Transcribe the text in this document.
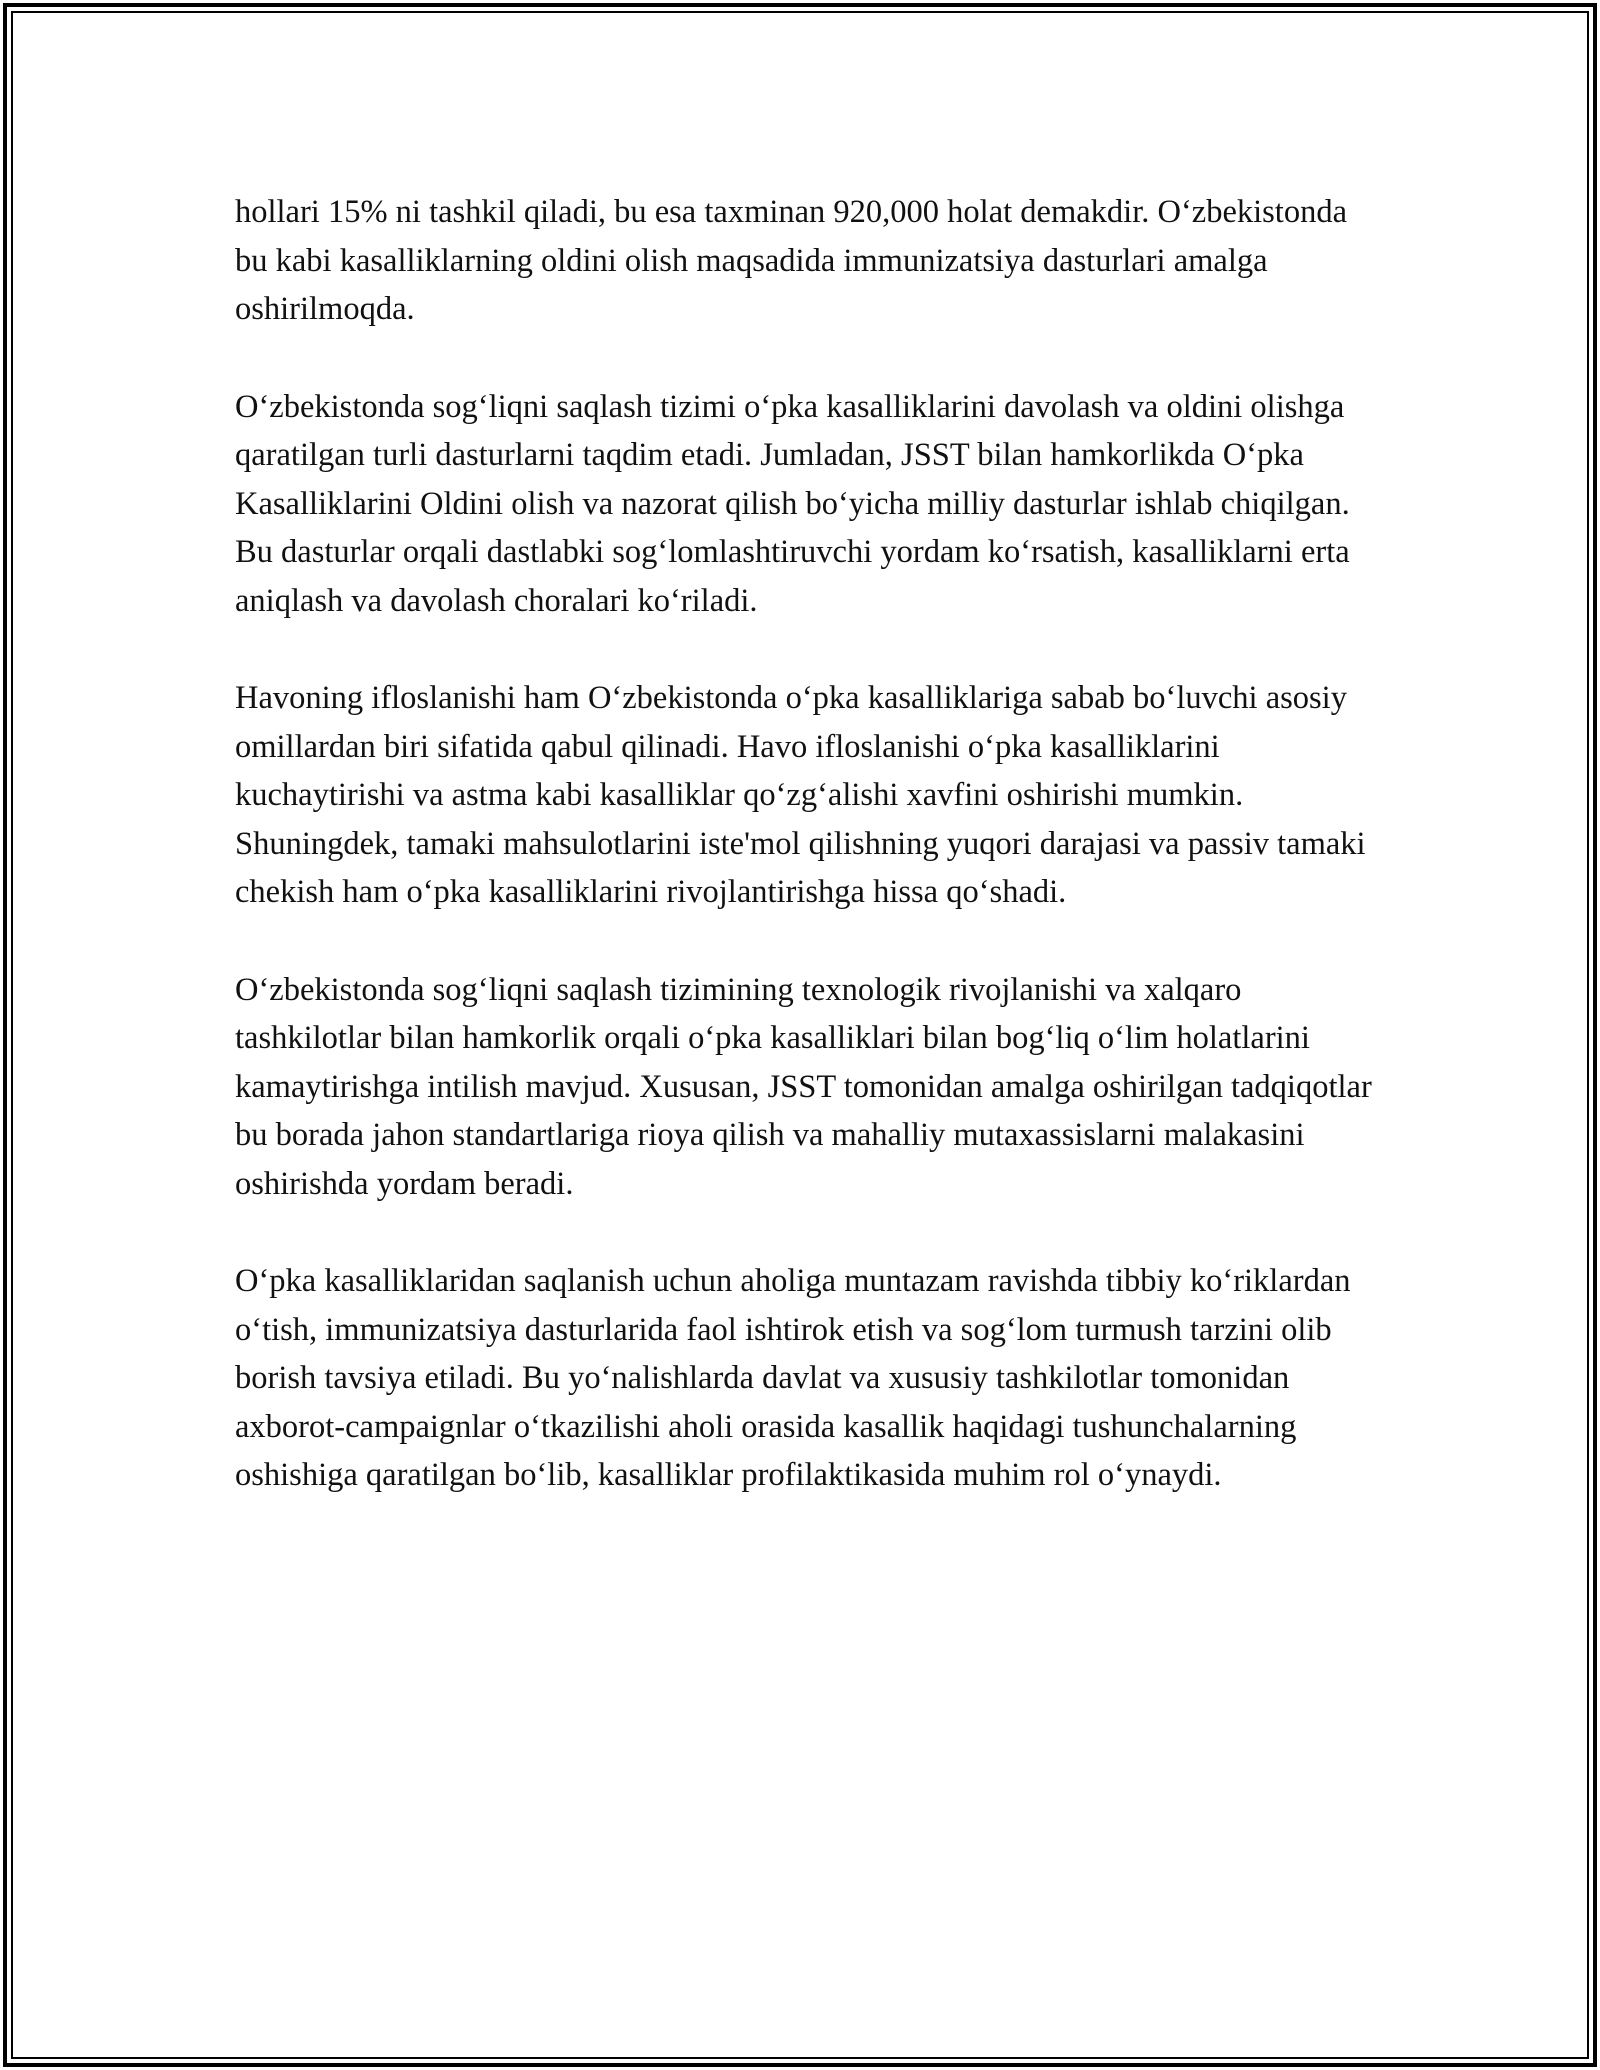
hollari 15% ni tashkil qiladi, bu esa taxminan 920,000 holat demakdir. O‘zbekistonda bu kabi kasalliklarning oldini olish maqsadida immunizatsiya dasturlari amalga oshirilmoqda.

O‘zbekistonda sog‘liqni saqlash tizimi o‘pka kasalliklarini davolash va oldini olishga qaratilgan turli dasturlarni taqdim etadi. Jumladan, JSST bilan hamkorlikda O‘pka Kasalliklarini Oldini olish va nazorat qilish bo‘yicha milliy dasturlar ishlab chiqilgan. Bu dasturlar orqali dastlabki sog‘lomlashtiruvchi yordam ko‘rsatish, kasalliklarni erta aniqlash va davolash choralari ko‘riladi.

Havoning ifloslanishi ham O‘zbekistonda o‘pka kasalliklariga sabab bo‘luvchi asosiy omillardan biri sifatida qabul qilinadi. Havo ifloslanishi o‘pka kasalliklarini kuchaytirishi va astma kabi kasalliklar qo‘zg‘alishi xavfini oshirishi mumkin. Shuningdek, tamaki mahsulotlarini iste'mol qilishning yuqori darajasi va passiv tamaki chekish ham o‘pka kasalliklarini rivojlantirishga hissa qo‘shadi.

O‘zbekistonda sog‘liqni saqlash tizimining texnologik rivojlanishi va xalqaro tashkilotlar bilan hamkorlik orqali o‘pka kasalliklari bilan bog‘liq o‘lim holatlarini kamaytirishga intilish mavjud. Xususan, JSST tomonidan amalga oshirilgan tadqiqotlar bu borada jahon standartlariga rioya qilish va mahalliy mutaxassislarni malakasini oshirishda yordam beradi.

O‘pka kasalliklaridan saqlanish uchun aholiga muntazam ravishda tibbiy ko‘riklardan o‘tish, immunizatsiya dasturlarida faol ishtirok etish va sog‘lom turmush tarzini olib borish tavsiya etiladi. Bu yo‘nalishlarda davlat va xususiy tashkilotlar tomonidan axborot-campaignlar o‘tkazilishi aholi orasida kasallik haqidagi tushunchalarning oshishiga qaratilgan bo‘lib, kasalliklar profilaktikasida muhim rol o‘ynaydi.
